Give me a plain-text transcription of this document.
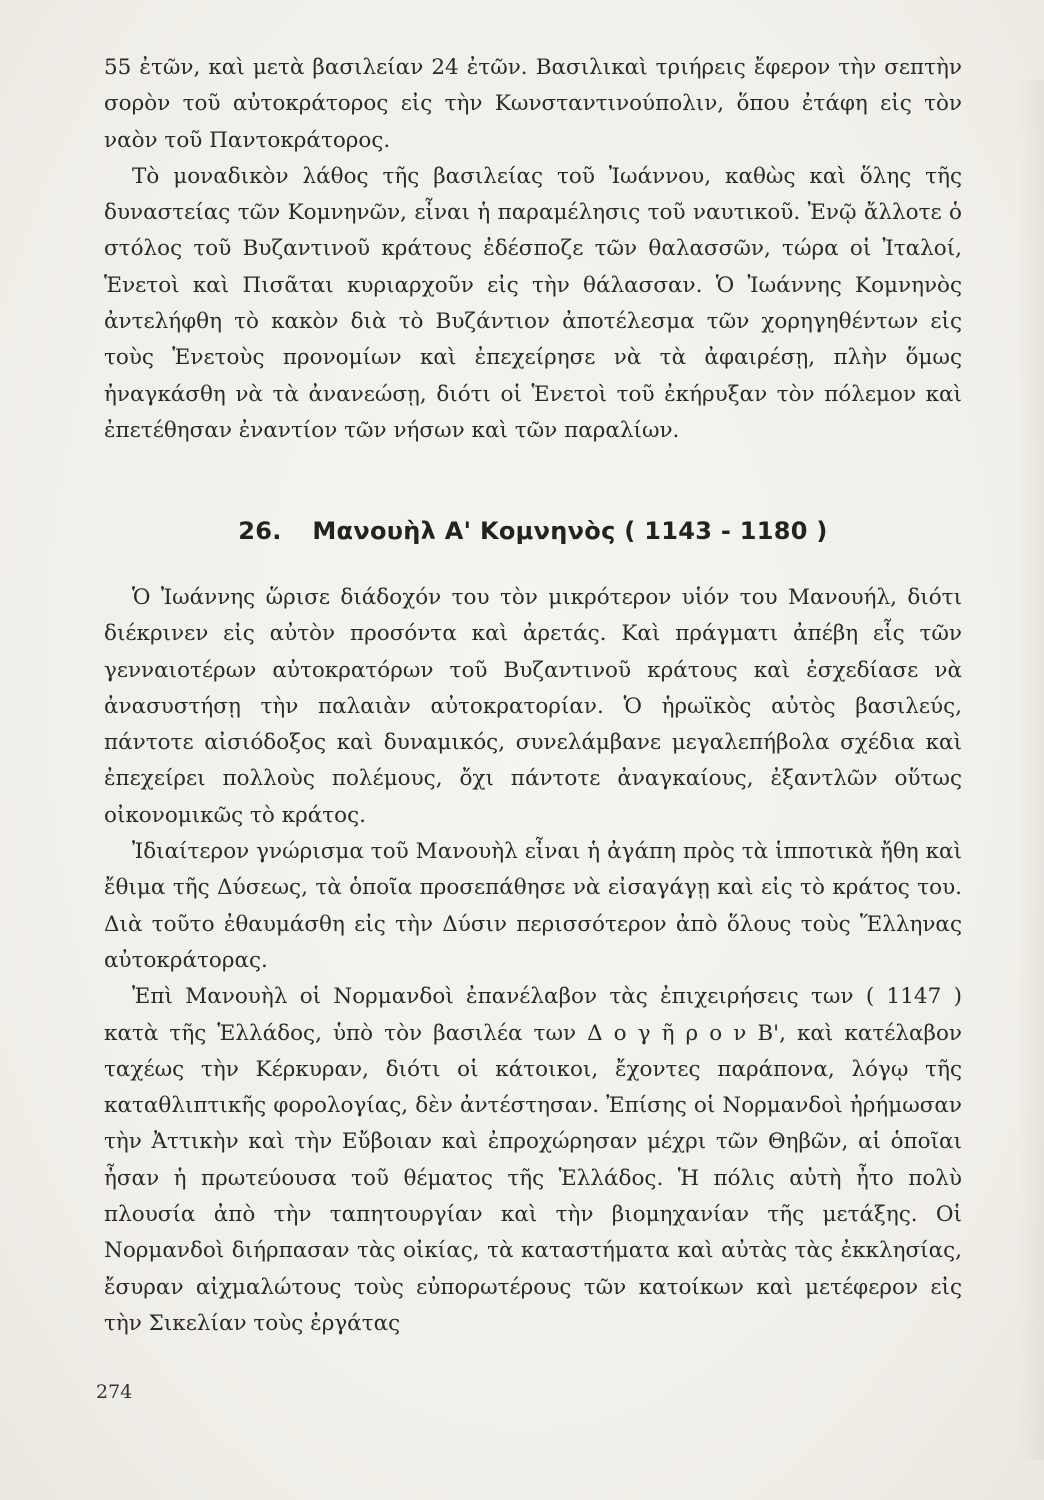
55 ἐτῶν, καὶ μετὰ βασιλείαν 24 ἐτῶν. Βασιλικαὶ τριήρεις ἔφερον τὴν σεπτὴν σορὸν τοῦ αὐτοκράτορος εἰς τὴν Κωνσταντινούπολιν, ὅπου ἐτάφη εἰς τὸν ναὸν τοῦ Παντοκράτορος.

Τὸ μοναδικὸν λάθος τῆς βασιλείας τοῦ Ἰωάννου, καθὼς καὶ ὅλης τῆς δυναστείας τῶν Κομνηνῶν, εἶναι ἡ παραμέλησις τοῦ ναυτικοῦ. Ἐνῷ ἄλλοτε ὁ στόλος τοῦ Βυζαντινοῦ κράτους ἐδέσποζε τῶν θαλασσῶν, τώρα οἱ Ἰταλοί, Ἑνετοὶ καὶ Πισᾶται κυριαρχοῦν εἰς τὴν θάλασσαν. Ὁ Ἰωάννης Κομνηνὸς ἀντελήφθη τὸ κακὸν διὰ τὸ Βυζάντιον ἀποτέλεσμα τῶν χορηγηθέντων εἰς τοὺς Ἑνετοὺς προνομίων καὶ ἐπεχείρησε νὰ τὰ ἀφαιρέσῃ, πλὴν ὅμως ἠναγκάσθη νὰ τὰ ἀνανεώσῃ, διότι οἱ Ἑνετοὶ τοῦ ἐκήρυξαν τὸν πόλεμον καὶ ἐπετέθησαν ἐναντίον τῶν νήσων καὶ τῶν παραλίων.

26. Μανουὴλ Α' Κομνηνὸς ( 1143 - 1180 )

Ὁ Ἰωάννης ὥρισε διάδοχόν του τὸν μικρότερον υἱόν του Μανουήλ, διότι διέκρινεν εἰς αὐτὸν προσόντα καὶ ἀρετάς. Καὶ πράγματι ἀπέβη εἷς τῶν γενναιοτέρων αὐτοκρατόρων τοῦ Βυζαντινοῦ κράτους καὶ ἐσχεδίασε νὰ ἀνασυστήσῃ τὴν παλαιὰν αὐτοκρατορίαν. Ὁ ἡρωϊκὸς αὐτὸς βασιλεύς, πάντοτε αἰσιόδοξος καὶ δυναμικός, συνελάμβανε μεγαλεπήβολα σχέδια καὶ ἐπεχείρει πολλοὺς πολέμους, ὄχι πάντοτε ἀναγκαίους, ἐξαντλῶν οὕτως οἰκονομικῶς τὸ κράτος.

Ἰδιαίτερον γνώρισμα τοῦ Μανουὴλ εἶναι ἡ ἀγάπη πρὸς τὰ ἱπποτικὰ ἤθη καὶ ἔθιμα τῆς Δύσεως, τὰ ὁποῖα προσεπάθησε νὰ εἰσαγάγῃ καὶ εἰς τὸ κράτος του. Διὰ τοῦτο ἐθαυμάσθη εἰς τὴν Δύσιν περισσότερον ἀπὸ ὅλους τοὺς Ἕλληνας αὐτοκράτορας.

Ἐπὶ Μανουὴλ οἱ Νορμανδοὶ ἐπανέλαβον τὰς ἐπιχειρήσεις των ( 1147 ) κατὰ τῆς Ἑλλάδος, ὑπὸ τὸν βασιλέα των Δ ο γ ῆ ρ ο ν Β', καὶ κατέλαβον ταχέως τὴν Κέρκυραν, διότι οἱ κάτοικοι, ἔχοντες παράπονα, λόγῳ τῆς καταθλιπτικῆς φορολογίας, δὲν ἀντέστησαν. Ἐπίσης οἱ Νορμανδοὶ ἠρήμωσαν τὴν Ἀττικὴν καὶ τὴν Εὔβοιαν καὶ ἐπροχώρησαν μέχρι τῶν Θηβῶν, αἱ ὁποῖαι ἦσαν ἡ πρωτεύουσα τοῦ θέματος τῆς Ἑλλάδος. Ἡ πόλις αὐτὴ ἦτο πολὺ πλουσία ἀπὸ τὴν ταπητουργίαν καὶ τὴν βιομηχανίαν τῆς μετάξης. Οἱ Νορμανδοὶ διήρπασαν τὰς οἰκίας, τὰ καταστήματα καὶ αὐτὰς τὰς ἐκκλησίας, ἔσυραν αἰχμαλώτους τοὺς εὐπορωτέρους τῶν κατοίκων καὶ μετέφερον εἰς τὴν Σικελίαν τοὺς ἐργάτας

274
